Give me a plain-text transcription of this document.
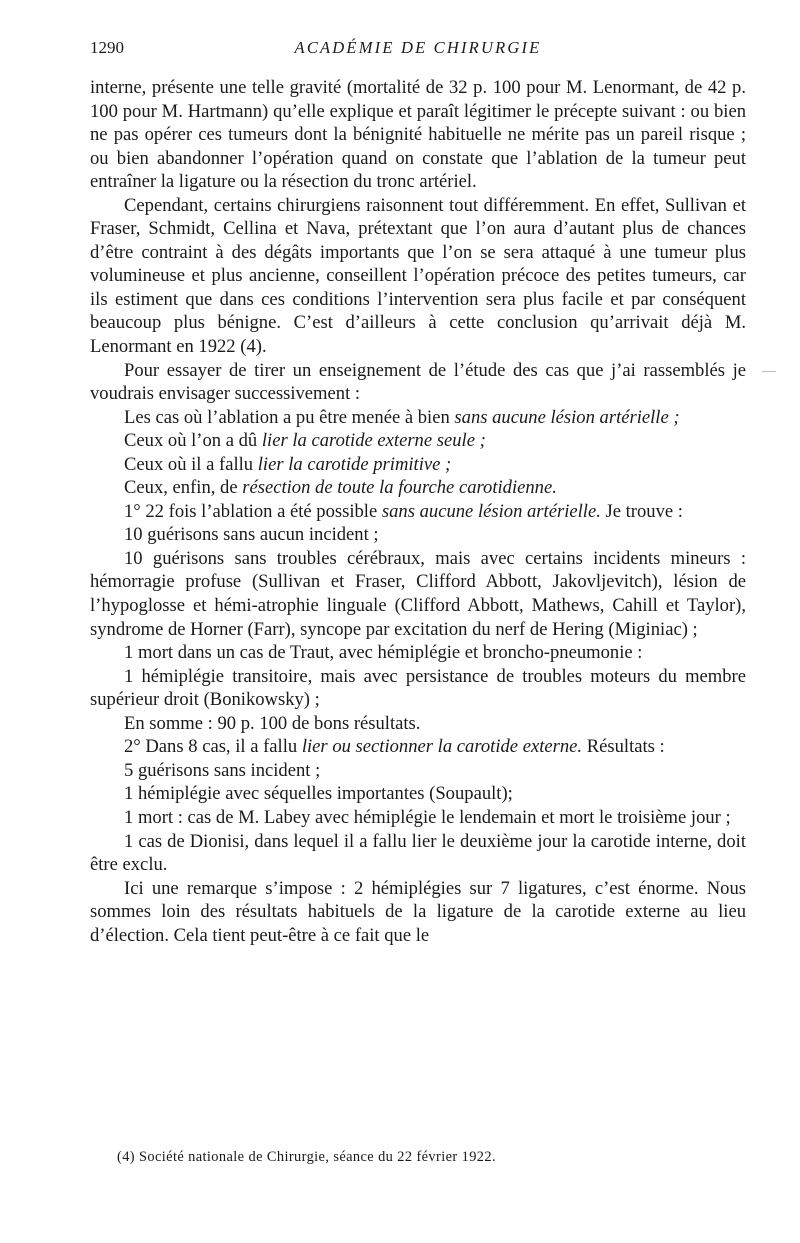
1290	ACADÉMIE DE CHIRURGIE

interne, présente une telle gravité (mortalité de 32 p. 100 pour M. Lenormant, de 42 p. 100 pour M. Hartmann) qu’elle explique et paraît légitimer le précepte suivant : ou bien ne pas opérer ces tumeurs dont la bénignité habituelle ne mérite pas un pareil risque ; ou bien abandonner l’opération quand on constate que l’ablation de la tumeur peut entraîner la ligature ou la résection du tronc artériel.

Cependant, certains chirurgiens raisonnent tout différemment. En effet, Sullivan et Fraser, Schmidt, Cellina et Nava, prétextant que l’on aura d’autant plus de chances d’être contraint à des dégâts importants que l’on se sera attaqué à une tumeur plus volumineuse et plus ancienne, conseillent l’opération précoce des petites tumeurs, car ils estiment que dans ces conditions l’intervention sera plus facile et par conséquent beaucoup plus bénigne. C’est d’ailleurs à cette conclusion qu’arrivait déjà M. Lenormant en 1922 (4).

Pour essayer de tirer un enseignement de l’étude des cas que j’ai rassemblés je voudrais envisager successivement :

Les cas où l’ablation a pu être menée à bien sans aucune lésion artérielle ;

Ceux où l’on a dû lier la carotide externe seule ;

Ceux où il a fallu lier la carotide primitive ;

Ceux, enfin, de résection de toute la fourche carotidienne.

1° 22 fois l’ablation a été possible sans aucune lésion artérielle. Je trouve :

10 guérisons sans aucun incident ;

10 guérisons sans troubles cérébraux, mais avec certains incidents mineurs : hémorragie profuse (Sullivan et Fraser, Clifford Abbott, Jakovljevitch), lésion de l’hypoglosse et hémi-atrophie linguale (Clifford Abbott, Mathews, Cahill et Taylor), syndrome de Horner (Farr), syncope par excitation du nerf de Hering (Miginiac) ;

1 mort dans un cas de Traut, avec hémiplégie et broncho-pneumonie :

1 hémiplégie transitoire, mais avec persistance de troubles moteurs du membre supérieur droit (Bonikowsky) ;

En somme : 90 p. 100 de bons résultats.

2° Dans 8 cas, il a fallu lier ou sectionner la carotide externe. Résultats :

5 guérisons sans incident ;

1 hémiplégie avec séquelles importantes (Soupault);

1 mort : cas de M. Labey avec hémiplégie le lendemain et mort le troisième jour ;

1 cas de Dionisi, dans lequel il a fallu lier le deuxième jour la carotide interne, doit être exclu.

Ici une remarque s’impose : 2 hémiplégies sur 7 ligatures, c’est énorme. Nous sommes loin des résultats habituels de la ligature de la carotide externe au lieu d’élection. Cela tient peut-être à ce fait que le

(4) Société nationale de Chirurgie, séance du 22 février 1922.
